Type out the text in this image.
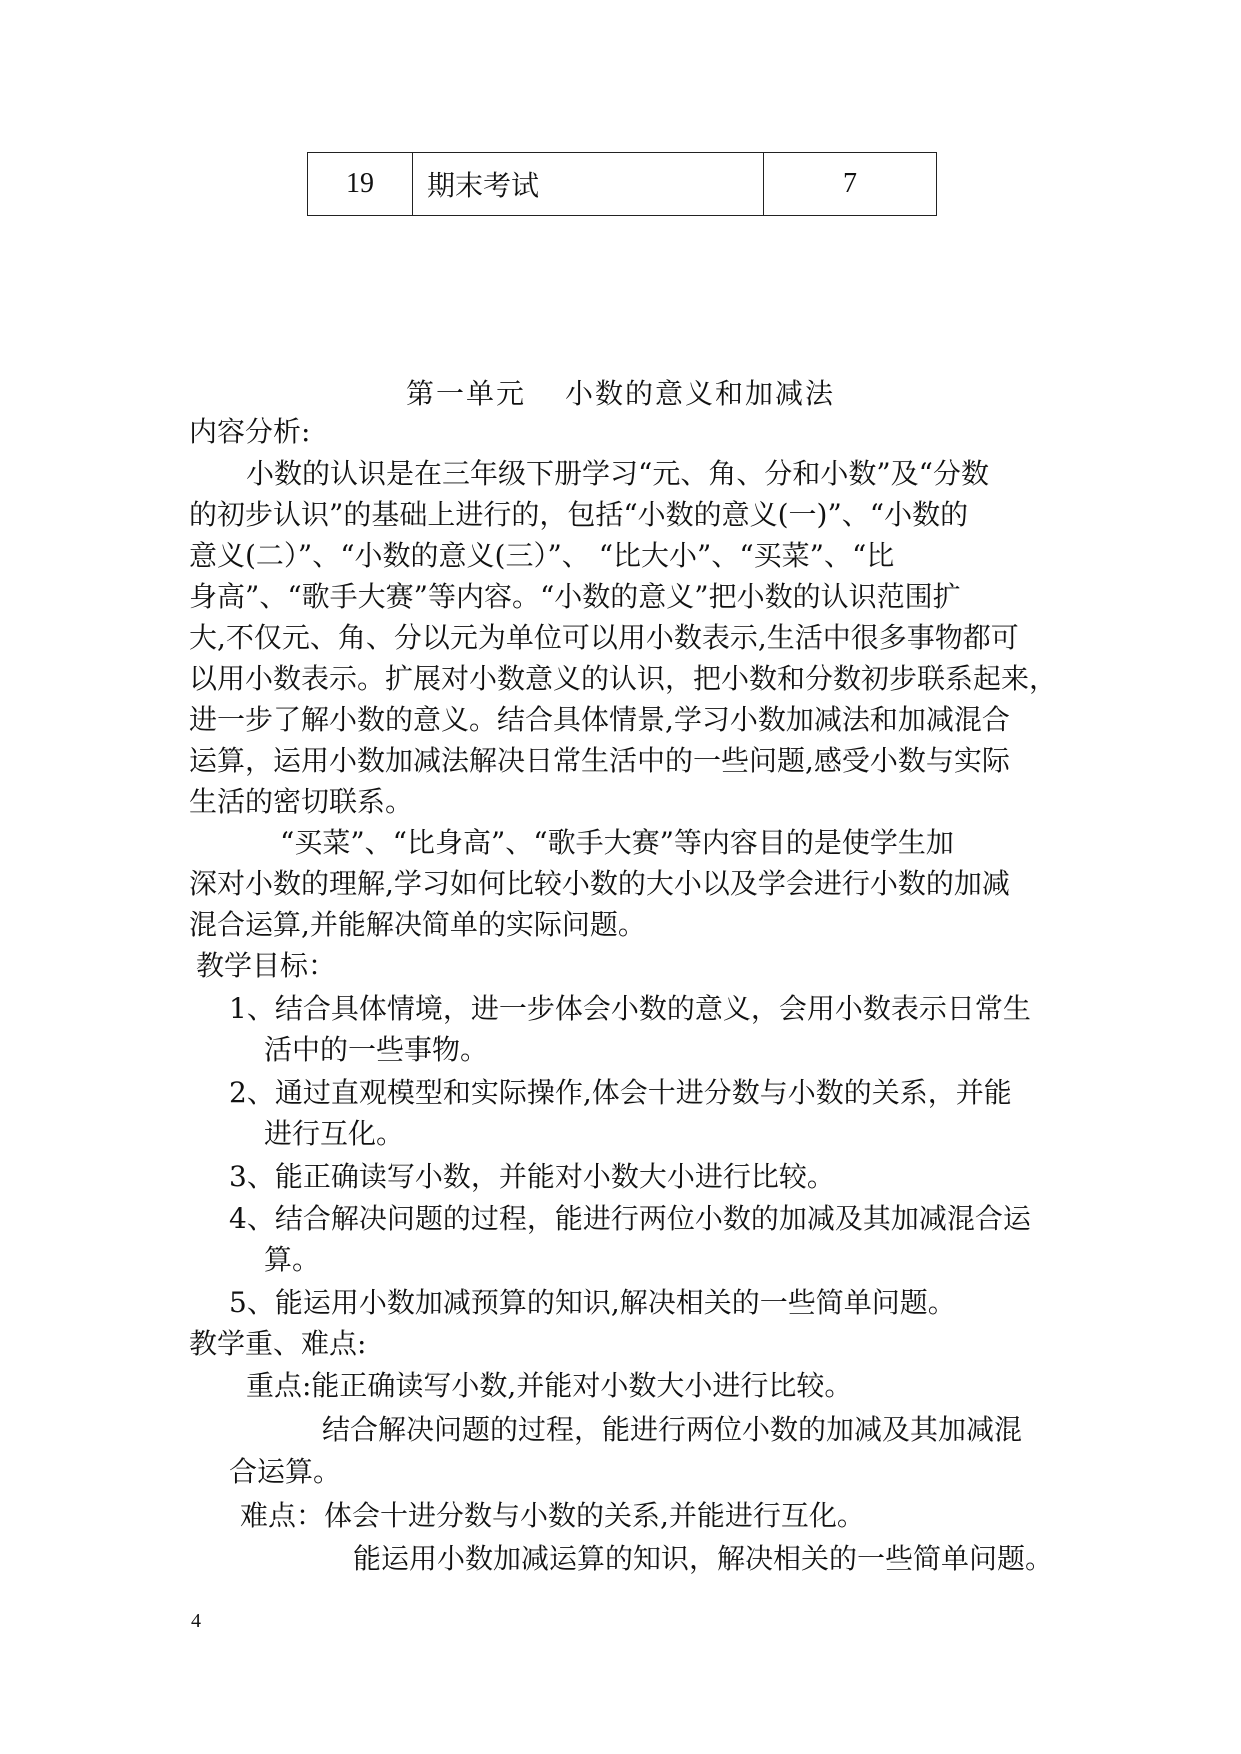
19	期末考试	7
第一单元 小数的意义和加减法
内容分析:
小数的认识是在三年级下册学习“元、角、分和小数”及“分数
的初步认识”的基础上进行的，包括“小数的意义(一)”、“小数的
意义(二）”、“小数的意义(三）”、 “比大小”、“买菜”、“比
身高”、“歌手大赛”等内容。“小数的意义”把小数的认识范围扩
大,不仅元、角、分以元为单位可以用小数表示,生活中很多事物都可
以用小数表示。扩展对小数意义的认识，把小数和分数初步联系起来，
进一步了解小数的意义。结合具体情景,学习小数加减法和加减混合
运算，运用小数加减法解决日常生活中的一些问题,感受小数与实际
生活的密切联系。
“买菜”、“比身高”、“歌手大赛”等内容目的是使学生加
深对小数的理解,学习如何比较小数的大小以及学会进行小数的加减
混合运算,并能解决简单的实际问题。
教学目标：
1、结合具体情境，进一步体会小数的意义，会用小数表示日常生
活中的一些事物。
2、通过直观模型和实际操作,体会十进分数与小数的关系，并能
进行互化。
3、能正确读写小数，并能对小数大小进行比较。
4、结合解决问题的过程，能进行两位小数的加减及其加减混合运
算。
5、能运用小数加减预算的知识,解决相关的一些简单问题。
教学重、难点:
重点:能正确读写小数,并能对小数大小进行比较。
结合解决问题的过程，能进行两位小数的加减及其加减混
合运算。
难点：体会十进分数与小数的关系,并能进行互化。
能运用小数加减运算的知识，解决相关的一些简单问题。
4
